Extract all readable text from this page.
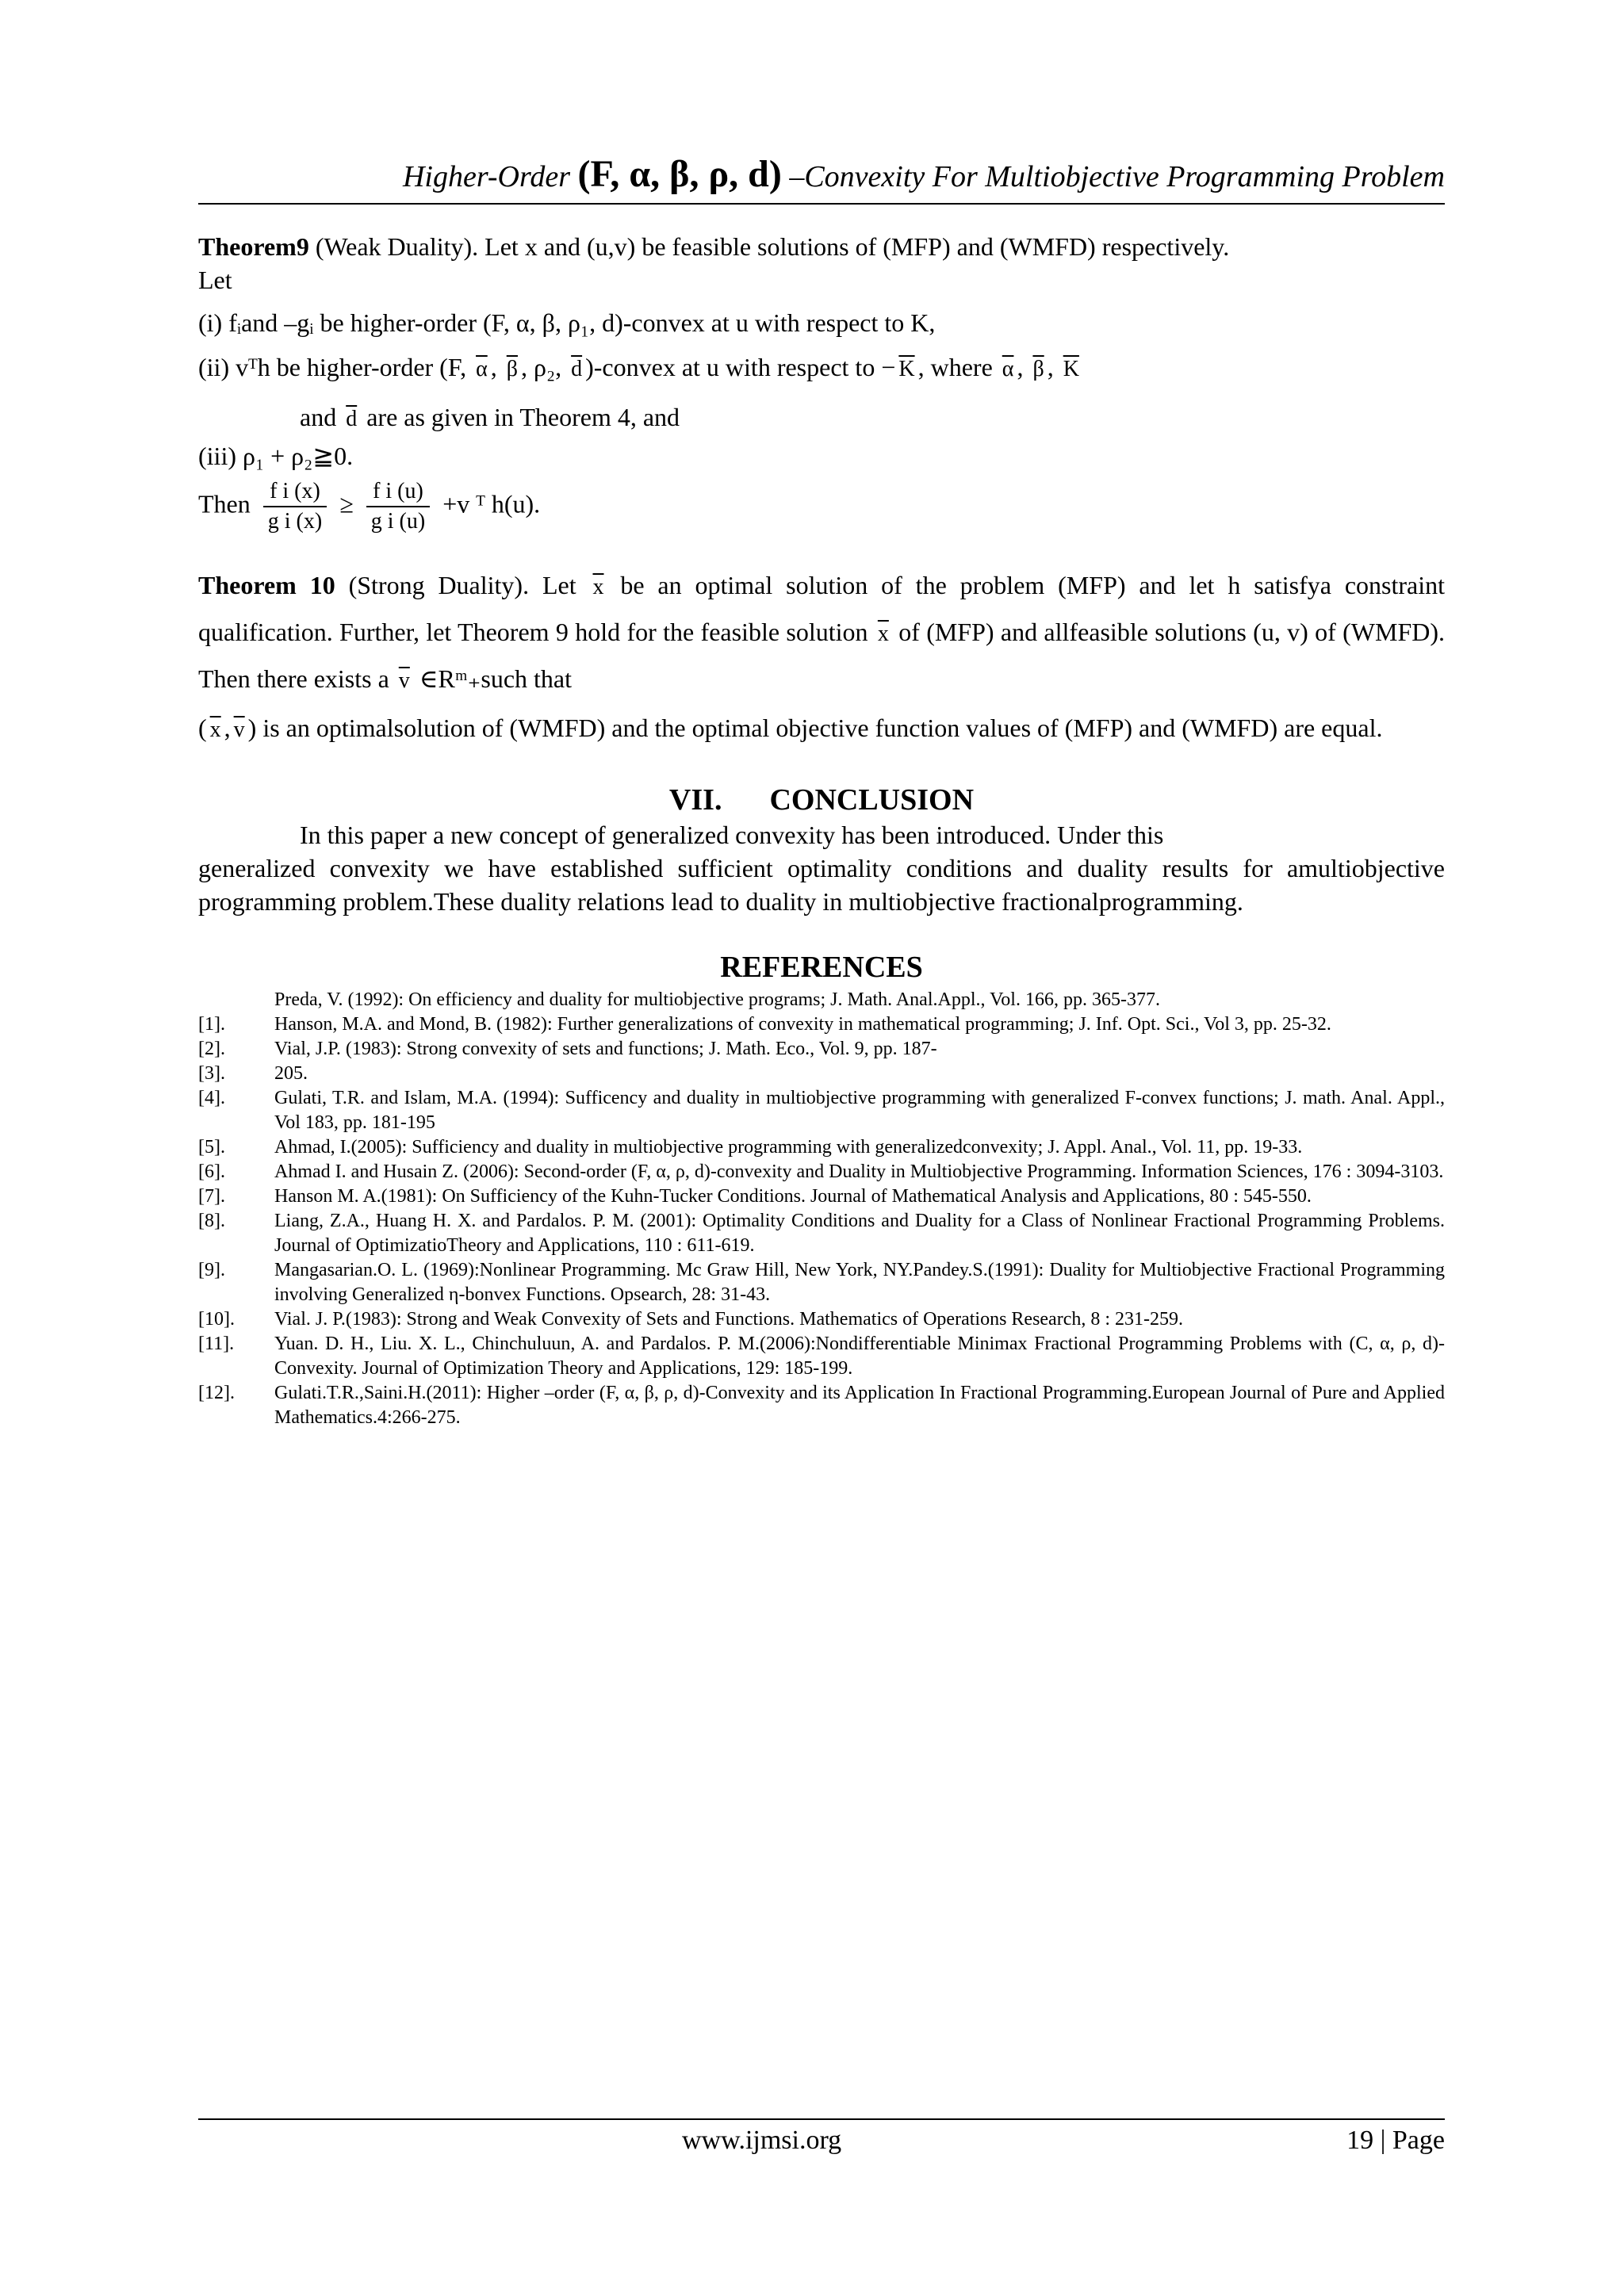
Higher-Order (F, α, β, ρ, d) –Convexity For Multiobjective Programming Problem

Theorem9 (Weak Duality). Let x and (u,v) be feasible solutions of (MFP) and (WMFD) respectively.

Let

(i) fᵢand –gᵢ be higher-order (F, α, β, ρ₁, d)-convex at u with respect to K,

(ii) vᵀh be higher-order (F, $\overline{\alpha}$ , $\overline{\beta}$ , ρ₂, $\overline{d}$ )-convex at u with respect to − $\overline{K}$ , where $\overline{\alpha}$ , $\overline{\beta}$ , $\overline{K}$

and $\overline{d}$ are as given in Theorem 4, and

(iii) ρ₁ + ρ₂≧0.

Then $\frac{\text{f i (x)}}{\text{g i (x)}} \ge \frac{\text{f i (u)}}{\text{g i (u)}} +v$ ᵀ h(u).

Theorem 10 (Strong Duality). Let $\overline{x}$ be an optimal solution of the problem (MFP) and let h satisfya constraint qualification. Further, let Theorem 9 hold for the feasible solution $\overline{x}$ of (MFP) and allfeasible solutions (u, v) of (WMFD). Then there exists a $\overline{v}$ ∈Rᵐ₊such that

( $\overline{x}$ , $\overline{v}$ ) is an optimalsolution of (WMFD) and the optimal objective function values of (MFP) and (WMFD) are equal.

VII. CONCLUSION

In this paper a new concept of generalized convexity has been introduced. Under this

generalized convexity we have established sufficient optimality conditions and duality results for amultiobjective programming problem.These duality relations lead to duality in multiobjective fractionalprogramming.

REFERENCES
Preda, V. (1992): On efficiency and duality for multiobjective programs; J. Math. Anal.Appl., Vol. 166, pp. 365-377.
[1].	Hanson, M.A. and Mond, B. (1982): Further generalizations of convexity in mathematical programming; J. Inf. Opt. Sci., Vol 3, pp. 25-32.
[2].	Vial, J.P. (1983): Strong convexity of sets and functions; J. Math. Eco., Vol. 9, pp. 187-
[3].	205.
[4].	Gulati, T.R. and Islam, M.A. (1994): Sufficency and duality in multiobjective programming with generalized F-convex functions; J. math. Anal. Appl., Vol 183, pp. 181-195
[5].	Ahmad, I.(2005): Sufficiency and duality in multiobjective programming with generalizedconvexity; J. Appl. Anal., Vol. 11, pp. 19-33.
[6].	Ahmad I. and Husain Z. (2006): Second-order (F, α, ρ, d)-convexity and Duality in Multiobjective Programming. Information Sciences, 176 : 3094-3103.
[7].	Hanson M. A.(1981): On Sufficiency of the Kuhn-Tucker Conditions. Journal of Mathematical Analysis and Applications, 80 : 545-550.
[8].	Liang, Z.A., Huang H. X. and Pardalos. P. M. (2001): Optimality Conditions and Duality for a Class of Nonlinear Fractional Programming Problems. Journal of OptimizatioTheory and Applications, 110 : 611-619.
[9].	Mangasarian.O. L. (1969):Nonlinear Programming. Mc Graw Hill, New York, NY.Pandey.S.(1991): Duality for Multiobjective Fractional Programming involving Generalized η-bonvex Functions. Opsearch, 28: 31-43.
[10].	Vial. J. P.(1983): Strong and Weak Convexity of Sets and Functions. Mathematics of Operations Research, 8 : 231-259.
[11].	Yuan. D. H., Liu. X. L., Chinchuluun, A. and Pardalos. P. M.(2006):Nondifferentiable Minimax Fractional Programming Problems with (C, α, ρ, d)-Convexity. Journal of Optimization Theory and Applications, 129: 185-199.
[12].	Gulati.T.R.,Saini.H.(2011): Higher –order (F, α, β, ρ, d)-Convexity and its Application In Fractional Programming.European Journal of Pure and Applied Mathematics.4:266-275.
www.ijmsi.org	19 | Page
